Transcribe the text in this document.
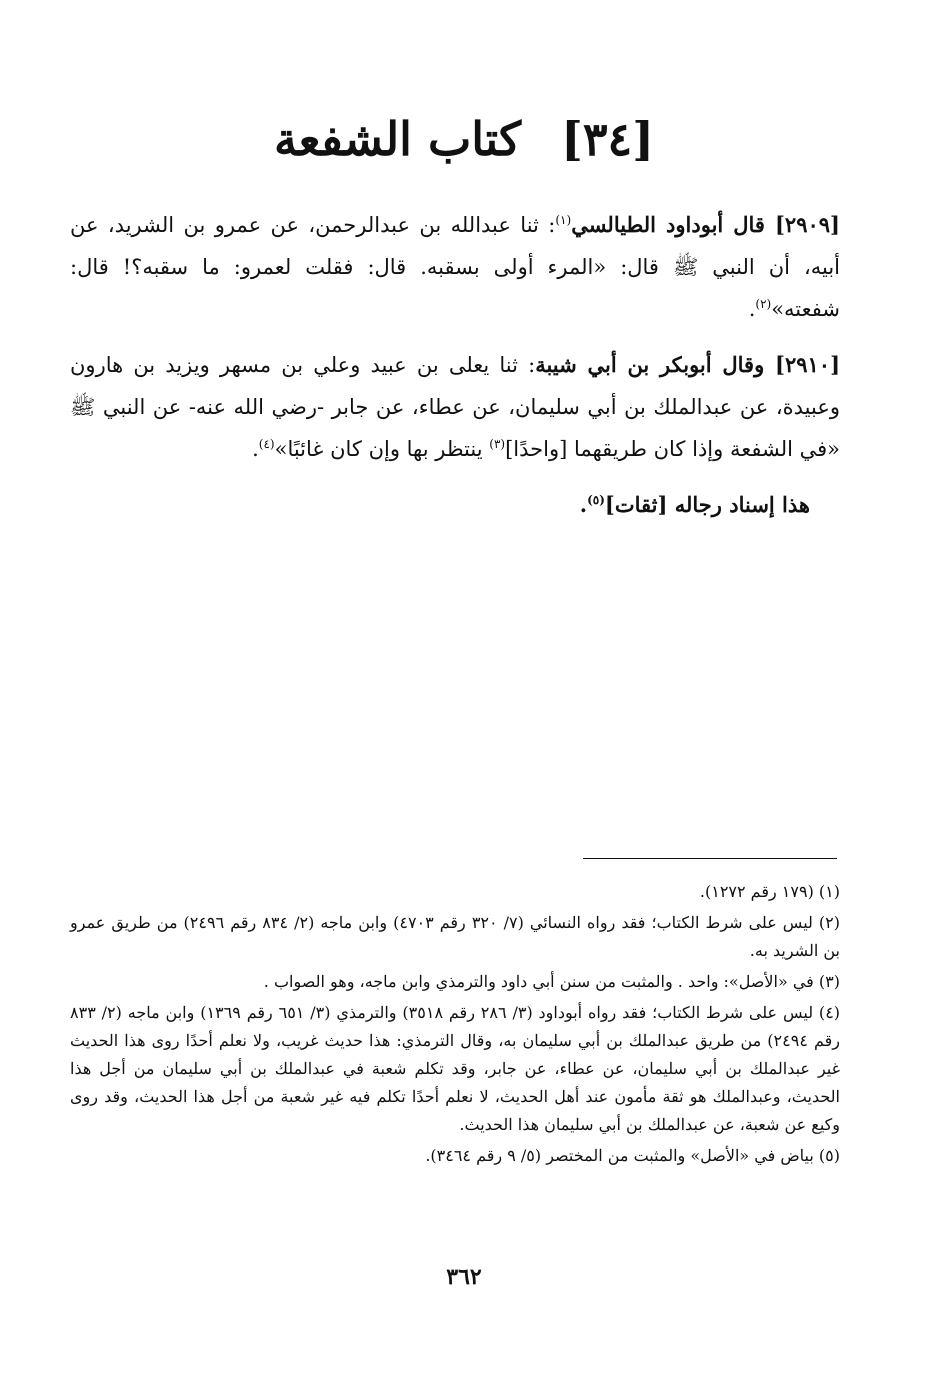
[٣٤]كتاب الشفعة

[٢٩٠٩] قال أبوداود الطيالسي$^{(١)}$: ثنا عبدالله بن عبدالرحمن، عن عمرو بن الشريد، عن أبيه، أن النبي ﷺ قال: «المرء أولى بسقبه. قال: فقلت لعمرو: ما سقبه؟! قال: شفعته»$^{(٢)}$.

[٢٩١٠] وقال أبوبكر بن أبي شيبة: ثنا يعلى بن عبيد وعلي بن مسهر ويزيد بن هارون وعبيدة، عن عبدالملك بن أبي سليمان، عن عطاء، عن جابر -رضي الله عنه- عن النبي ﷺ «في الشفعة وإذا كان طريقهما [واحدًا]$^{(٣)}$ ينتظر بها وإن كان غائبًا»$^{(٤)}$.

هذا إسناد رجاله [ثقات]$^{(٥)}$.

(١) (١٧٩ رقم ١٢٧٢).

(٢) ليس على شرط الكتاب؛ فقد رواه النسائي (٧/ ٣٢٠ رقم ٤٧٠٣) وابن ماجه (٢/ ٨٣٤ رقم ٢٤٩٦) من طريق عمرو بن الشريد به.

(٣) في «الأصل»: واحد . والمثبت من سنن أبي داود والترمذي وابن ماجه، وهو الصواب .

(٤) ليس على شرط الكتاب؛ فقد رواه أبوداود (٣/ ٢٨٦ رقم ٣٥١٨) والترمذي (٣/ ٦٥١ رقم ١٣٦٩) وابن ماجه (٢/ ٨٣٣ رقم ٢٤٩٤) من طريق عبدالملك بن أبي سليمان به، وقال الترمذي: هذا حديث غريب، ولا نعلم أحدًا روى هذا الحديث غير عبدالملك بن أبي سليمان، عن عطاء، عن جابر، وقد تكلم شعبة في عبدالملك بن أبي سليمان من أجل هذا الحديث، وعبدالملك هو ثقة مأمون عند أهل الحديث، لا نعلم أحدًا تكلم فيه غير شعبة من أجل هذا الحديث، وقد روى وكيع عن شعبة، عن عبدالملك بن أبي سليمان هذا الحديث.

(٥) بياض في «الأصل» والمثبت من المختصر (٥/ ٩ رقم ٣٤٦٤).

٣٦٢
